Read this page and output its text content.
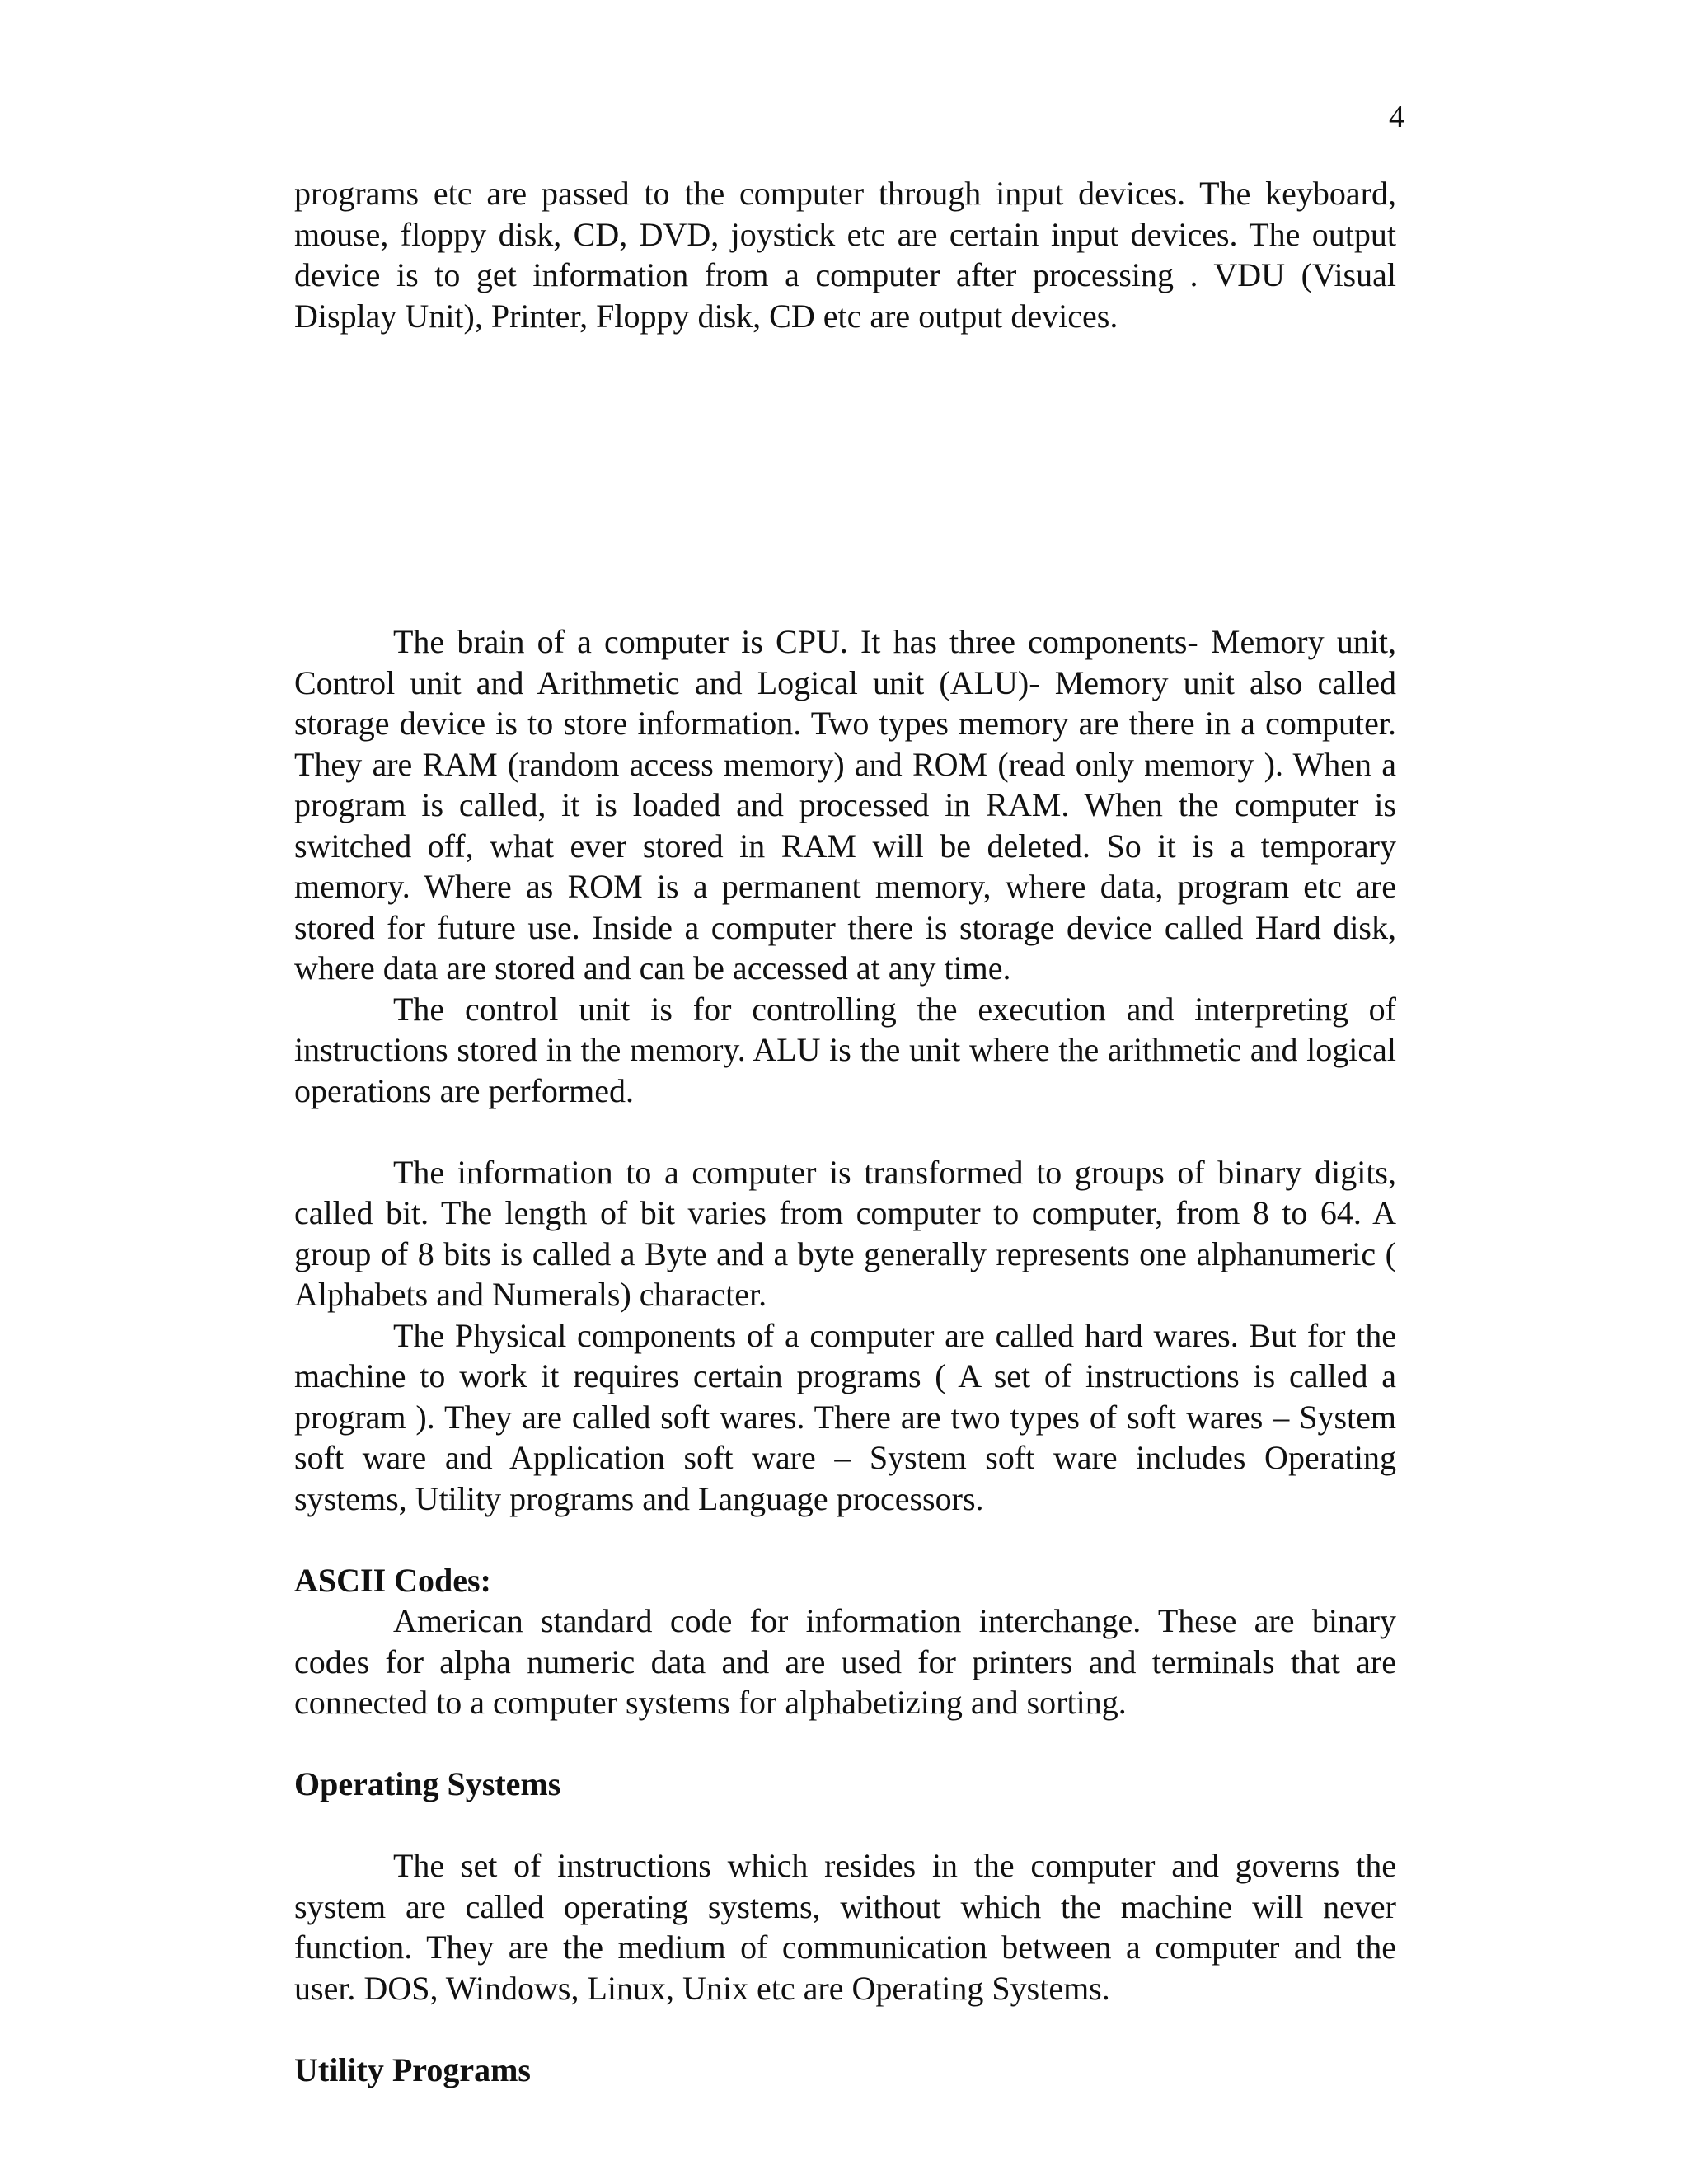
4

programs etc are passed to the computer through input devices. The keyboard, mouse, floppy disk, CD, DVD, joystick etc are certain input devices. The output device is to get information from a computer after processing . VDU (Visual Display Unit), Printer, Floppy disk, CD etc are output devices.

The brain of a computer is CPU. It has three components- Memory unit, Control unit and Arithmetic and Logical unit (ALU)- Memory unit also called storage device is to store information. Two types memory are there in a computer. They are RAM (random access memory) and ROM (read only memory ). When a program is called, it is loaded and processed in RAM. When the computer is switched off, what ever stored in RAM will be deleted. So it is a temporary memory. Where as ROM is a permanent memory, where data, program etc are stored for future use. Inside a computer there is storage device called Hard disk, where data are stored and can be accessed at any time.

The control unit is for controlling the execution and interpreting of instructions stored in the memory. ALU is the unit where the arithmetic and logical operations are performed.

The information to a computer is transformed to groups of binary digits, called bit. The length of bit varies from computer to computer, from 8 to 64. A group of 8 bits is called a Byte and a byte generally represents one alphanumeric ( Alphabets and Numerals) character.

The Physical components of a computer are called hard wares. But for the machine to work it requires certain programs ( A set of instructions is called a program ). They are called soft wares. There are two types of soft wares – System soft ware and Application soft ware – System soft ware includes Operating systems, Utility programs and Language processors.

ASCII Codes:

American standard code for information interchange. These are binary codes for alpha numeric data and are used for printers and terminals that are connected to a computer systems for alphabetizing and sorting.

Operating Systems

The set of instructions which resides in the computer and governs the system are called operating systems, without which the machine will never function. They are the medium of communication between a computer and the user. DOS, Windows, Linux, Unix etc are Operating Systems.

Utility Programs
